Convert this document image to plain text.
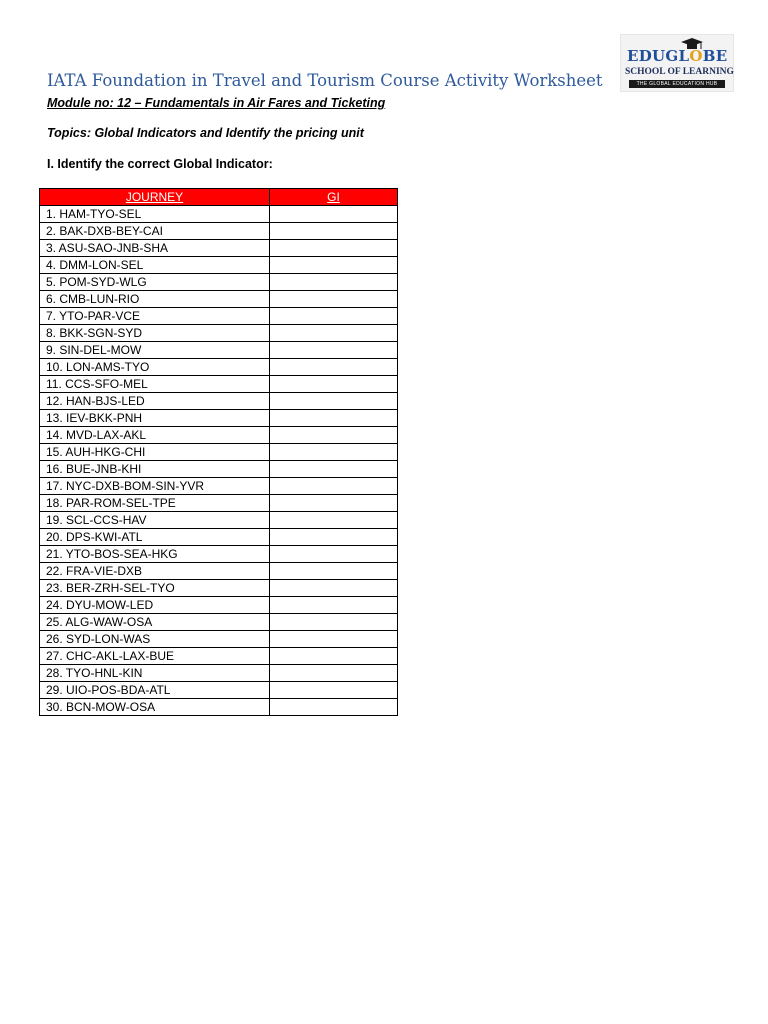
EDUGLOBE
SCHOOL OF LEARNING
THE GLOBAL EDUCATION HUB
IATA Foundation in Travel and Tourism Course Activity Worksheet
Module no: 12 – Fundamentals in Air Fares and Ticketing
Topics: Global Indicators and Identify the pricing unit
I. Identify the correct Global Indicator:
JOURNEY	GI
1. HAM-TYO-SEL	
2. BAK-DXB-BEY-CAI	
3. ASU-SAO-JNB-SHA	
4. DMM-LON-SEL	
5. POM-SYD-WLG	
6. CMB-LUN-RIO	
7. YTO-PAR-VCE	
8. BKK-SGN-SYD	
9. SIN-DEL-MOW	
10. LON-AMS-TYO	
11. CCS-SFO-MEL	
12. HAN-BJS-LED	
13. IEV-BKK-PNH	
14. MVD-LAX-AKL	
15. AUH-HKG-CHI	
16. BUE-JNB-KHI	
17. NYC-DXB-BOM-SIN-YVR	
18. PAR-ROM-SEL-TPE	
19. SCL-CCS-HAV	
20. DPS-KWI-ATL	
21. YTO-BOS-SEA-HKG	
22. FRA-VIE-DXB	
23. BER-ZRH-SEL-TYO	
24. DYU-MOW-LED	
25. ALG-WAW-OSA	
26. SYD-LON-WAS	
27. CHC-AKL-LAX-BUE	
28. TYO-HNL-KIN	
29. UIO-POS-BDA-ATL	
30. BCN-MOW-OSA	
